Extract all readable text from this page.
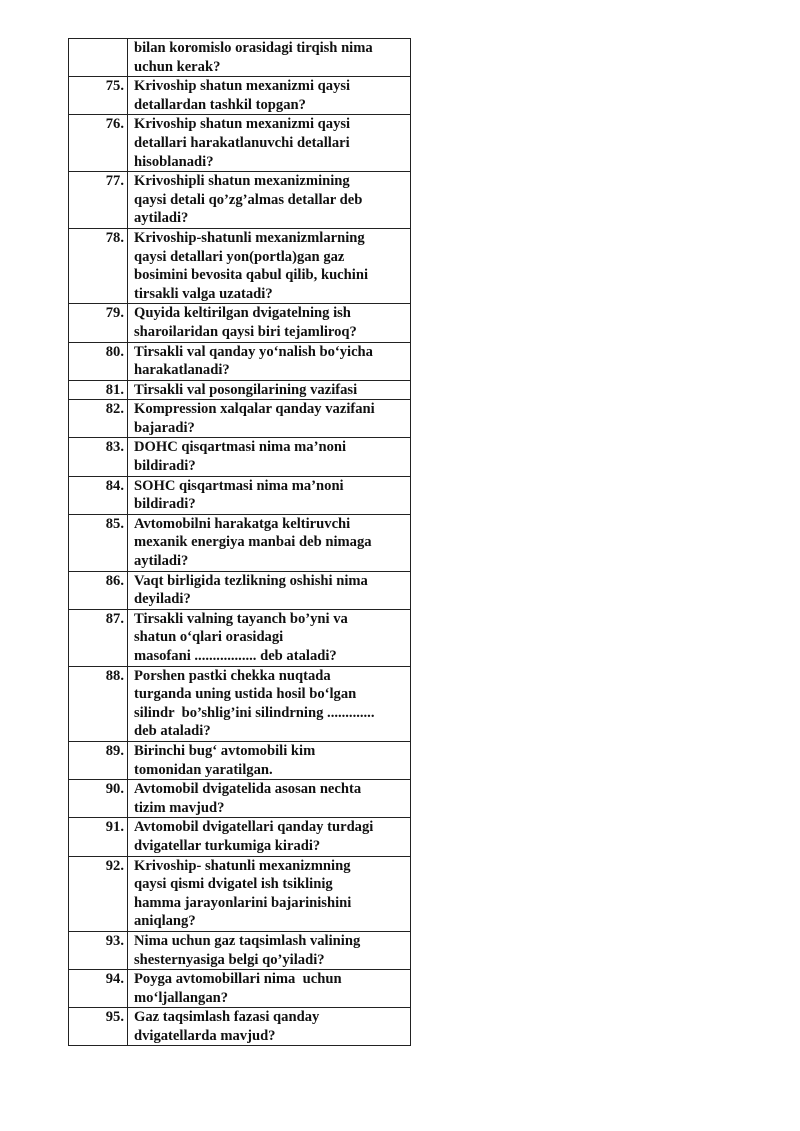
	bilan koromislo orasidagi tirqish nima
uchun kerak?

75.	Krivoship shatun mexanizmi qaysi
detallardan tashkil topgan?

76.	Krivoship shatun mexanizmi qaysi
detallari harakatlanuvchi detallari
hisoblanadi?

77.	Krivoshipli shatun mexanizmining
qaysi detali qo’zg’almas detallar deb
aytiladi?

78.	Krivoship-shatunli mexanizmlarning
qaysi detallari yon(portla)gan gaz
bosimini bevosita qabul qilib, kuchini
tirsakli valga uzatadi?

79.	Quyida keltirilgan dvigatelning ish
sharoilaridan qaysi biri tejamliroq?

80.	Tirsakli val qanday yo‘nalish bo‘yicha
harakatlanadi?

81.	Tirsakli val posongilarining vazifasi

82.	Kompression xalqalar qanday vazifani
bajaradi?

83.	DOHC qisqartmasi nima ma’noni
bildiradi?

84.	SOHC qisqartmasi nima ma’noni
bildiradi?

85.	Avtomobilni harakatga keltiruvchi
mexanik energiya manbai deb nimaga
aytiladi?

86.	Vaqt birligida tezlikning oshishi nima
deyiladi?

87.	Tirsakli valning tayanch bo’yni va
shatun o‘qlari orasidagi
masofani ................. deb ataladi?

88.	Porshen pastki chekka nuqtada
turganda uning ustida hosil bo‘lgan
silindr  bo’shlig’ini silindrning .............
deb ataladi?

89.	Birinchi bug‘ avtomobili kim
tomonidan yaratilgan.

90.	Avtomobil dvigatelida asosan nechta
tizim mavjud?

91.	Avtomobil dvigatellari qanday turdagi
dvigatellar turkumiga kiradi?

92.	Krivoship- shatunli mexanizmning
qaysi qismi dvigatel ish tsiklinig
hamma jarayonlarini bajarinishini
aniqlang?

93.	Nima uchun gaz taqsimlash valining
shesternyasiga belgi qo’yiladi?

94.	Poyga avtomobillari nima  uchun
mo‘ljallangan?

95.	Gaz taqsimlash fazasi qanday
dvigatellarda mavjud?
